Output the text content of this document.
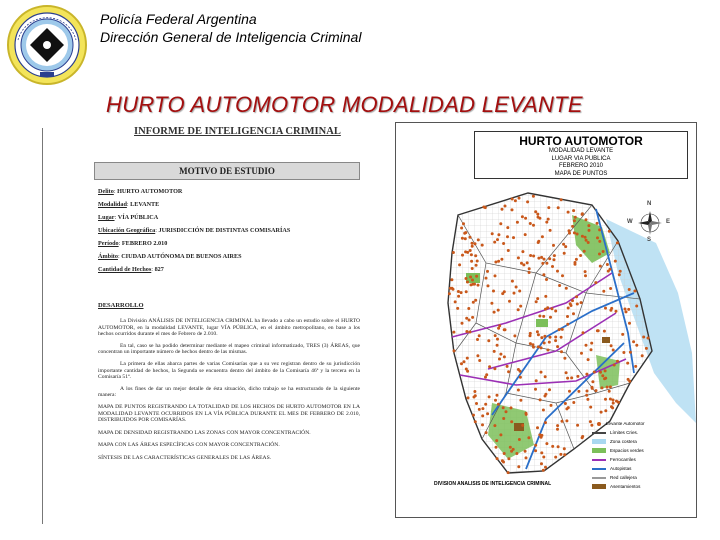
Policía Federal Argentina
Dirección General de Inteligencia Criminal
HURTO AUTOMOTOR MODALIDAD LEVANTE
INFORME DE INTELIGENCIA CRIMINAL
MOTIVO DE ESTUDIO
Delito: HURTO AUTOMOTOR
Modalidad: LEVANTE
Lugar: VÍA PÚBLICA
Ubicación Geográfica: JURISDICCIÓN DE DISTINTAS COMISARÍAS
Período: FEBRERO 2.010
Ámbito: CIUDAD AUTÓNOMA DE BUENOS AIRES
Cantidad de Hechos: 827
DESARROLLO

La División ANÁLISIS DE INTELIGENCIA CRIMINAL ha llevado a cabo un estudio sobre el HURTO AUTOMOTOR, en la modalidad LEVANTE, lugar VÍA PÚBLICA, en el ámbito metropolitano, en base a los hechos ocurridos durante el mes de Febrero de 2.010.

En tal, caso se ha podido determinar mediante el mapeo criminal informatizado, TRES (3) ÁREAS, que concentran un importante número de hechos dentro de las mismas.

La primera de ellas abarca partes de varias Comisarías que a su vez registran dentro de su jurisdicción importante cantidad de hechos, la Segunda se encuentra dentro del ámbito de la Comisaría 46ª y la tercera en la Comisaría 51ª.

A los fines de dar un mejor detalle de ésta situación, dicho trabajo se ha estructurado de la siguiente manera:

MAPA DE PUNTOS REGISTRANDO LA TOTALIDAD DE LOS HECHOS DE HURTO AUTOMOTOR EN LA MODALIDAD LEVANTE OCURRIDOS EN LA VÍA PÚBLICA DURANTE EL MES DE FEBRERO DE 2.010, DISTRIBUIDOS POR COMISARÍAS.

MAPA DE DENSIDAD REGISTRANDO LAS ZONAS CON MAYOR CONCENTRACIÓN.

MAPA CON LAS ÁREAS ESPECÍFICAS CON MAYOR CONCENTRACIÓN.

SÍNTESIS DE LAS CARACTERÍSTICAS GENERALES DE LAS ÁREAS.

N
S
E
W
HURTO AUTOMOTOR
MODALIDAD LEVANTE
LUGAR VIA PUBLICA
FEBRERO 2010
MAPA DE PUNTOS
Levante Automotor
Límites Cries.
Zona costera
Espacios verdes
Ferrocarriles
Autopistas
Red callejera
Asentamientos
DIVISION ANALISIS DE INTELIGENCIA CRIMINAL
